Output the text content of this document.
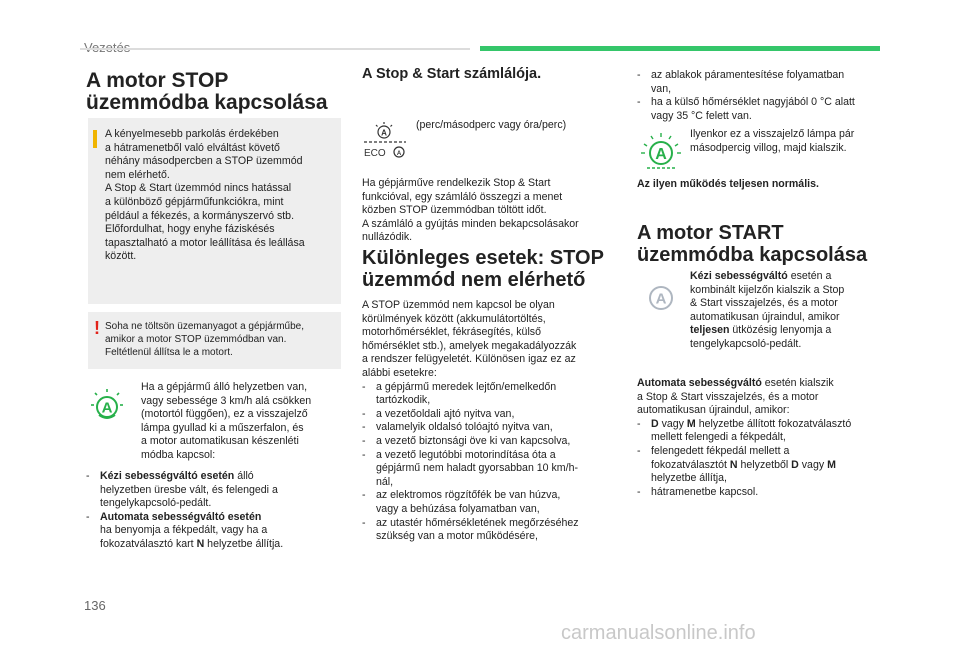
A motor STOP üzemmódba kapcsolása
A kényelmesebb parkolás érdekében
a hátramenetből való elváltást követő
néhány másodpercben a STOP üzemmód
nem elérhető.
A Stop & Start üzemmód nincs hatással
a különböző gépjárműfunkciókra, mint
például a fékezés, a kormányszervó stb.
Előfordulhat, hogy enyhe fáziskésés
tapasztalható a motor leállítása és leállása
között.
! Soha ne töltsön üzemanyagot a gépjárműbe,
amikor a motor STOP üzemmódban van.
Feltétlenül állítsa le a motort.
A
Ha a gépjármű álló helyzetben van,
vagy sebessége 3 km/h alá csökken
(motortól függően), ez a visszajelző
lámpa gyullad ki a műszerfalon, és
a motor automatikusan készenléti
módba kapcsol:
- Kézi sebességváltó esetén álló
helyzetben üresbe vált, és felengedi a
tengelykapcsoló-pedált.
- Automata sebességváltó esetén
ha benyomja a fékpedált, vagy ha a
fokozatválasztó kart N helyzetbe állítja.
A Stop & Start számlálója.
A
ECO A
(perc/másodperc vagy óra/perc)
Ha gépjárműve rendelkezik Stop & Start
funkcióval, egy számláló összegzi a menet
közben STOP üzemmódban töltött időt.
A számláló a gyújtás minden bekapcsolásakor
nullázódik.
Különleges esetek: STOP üzemmód nem elérhető
A STOP üzemmód nem kapcsol be olyan
körülmények között (akkumulátortöltés,
motorhőmérséklet, fékrásegítés, külső
hőmérséklet stb.), amelyek megakadályozzák
a rendszer felügyeletét. Különösen igaz ez az
alábbi esetekre:
- a gépjármű meredek lejtőn/emelkedőn
tartózkodik,
- a vezetőoldali ajtó nyitva van,
- valamelyik oldalsó tolóajtó nyitva van,
- a vezető biztonsági öve ki van kapcsolva,
- a vezető legutóbbi motorindítása óta a
gépjármű nem haladt gyorsabban 10 km/h-
nál,
- az elektromos rögzítőfék be van húzva,
vagy a behúzása folyamatban van,
- az utastér hőmérsékletének megőrzéséhez
szükség van a motor működésére,
- az ablakok páramentesítése folyamatban
van,
- ha a külső hőmérséklet nagyjából 0 °C alatt
vagy 35 °C felett van.
A
Ilyenkor ez a visszajelző lámpa pár
másodpercig villog, majd kialszik.
Az ilyen működés teljesen normális.
A motor START üzemmódba kapcsolása
A
Kézi sebességváltó esetén a
kombinált kijelzőn kialszik a Stop
& Start visszajelzés, és a motor
automatikusan újraindul, amikor
teljesen ütközésig lenyomja a
tengelykapcsoló-pedált.
Automata sebességváltó esetén kialszik
a Stop & Start visszajelzés, és a motor
automatikusan újraindul, amikor:
- D vagy M helyzetbe állított fokozatválasztó
mellett felengedi a fékpedált,
- felengedett fékpedál mellett a
fokozatválasztót N helyzetből D vagy M
helyzetbe állítja,
- hátramenetbe kapcsol.
136
carmanualsonline.info
